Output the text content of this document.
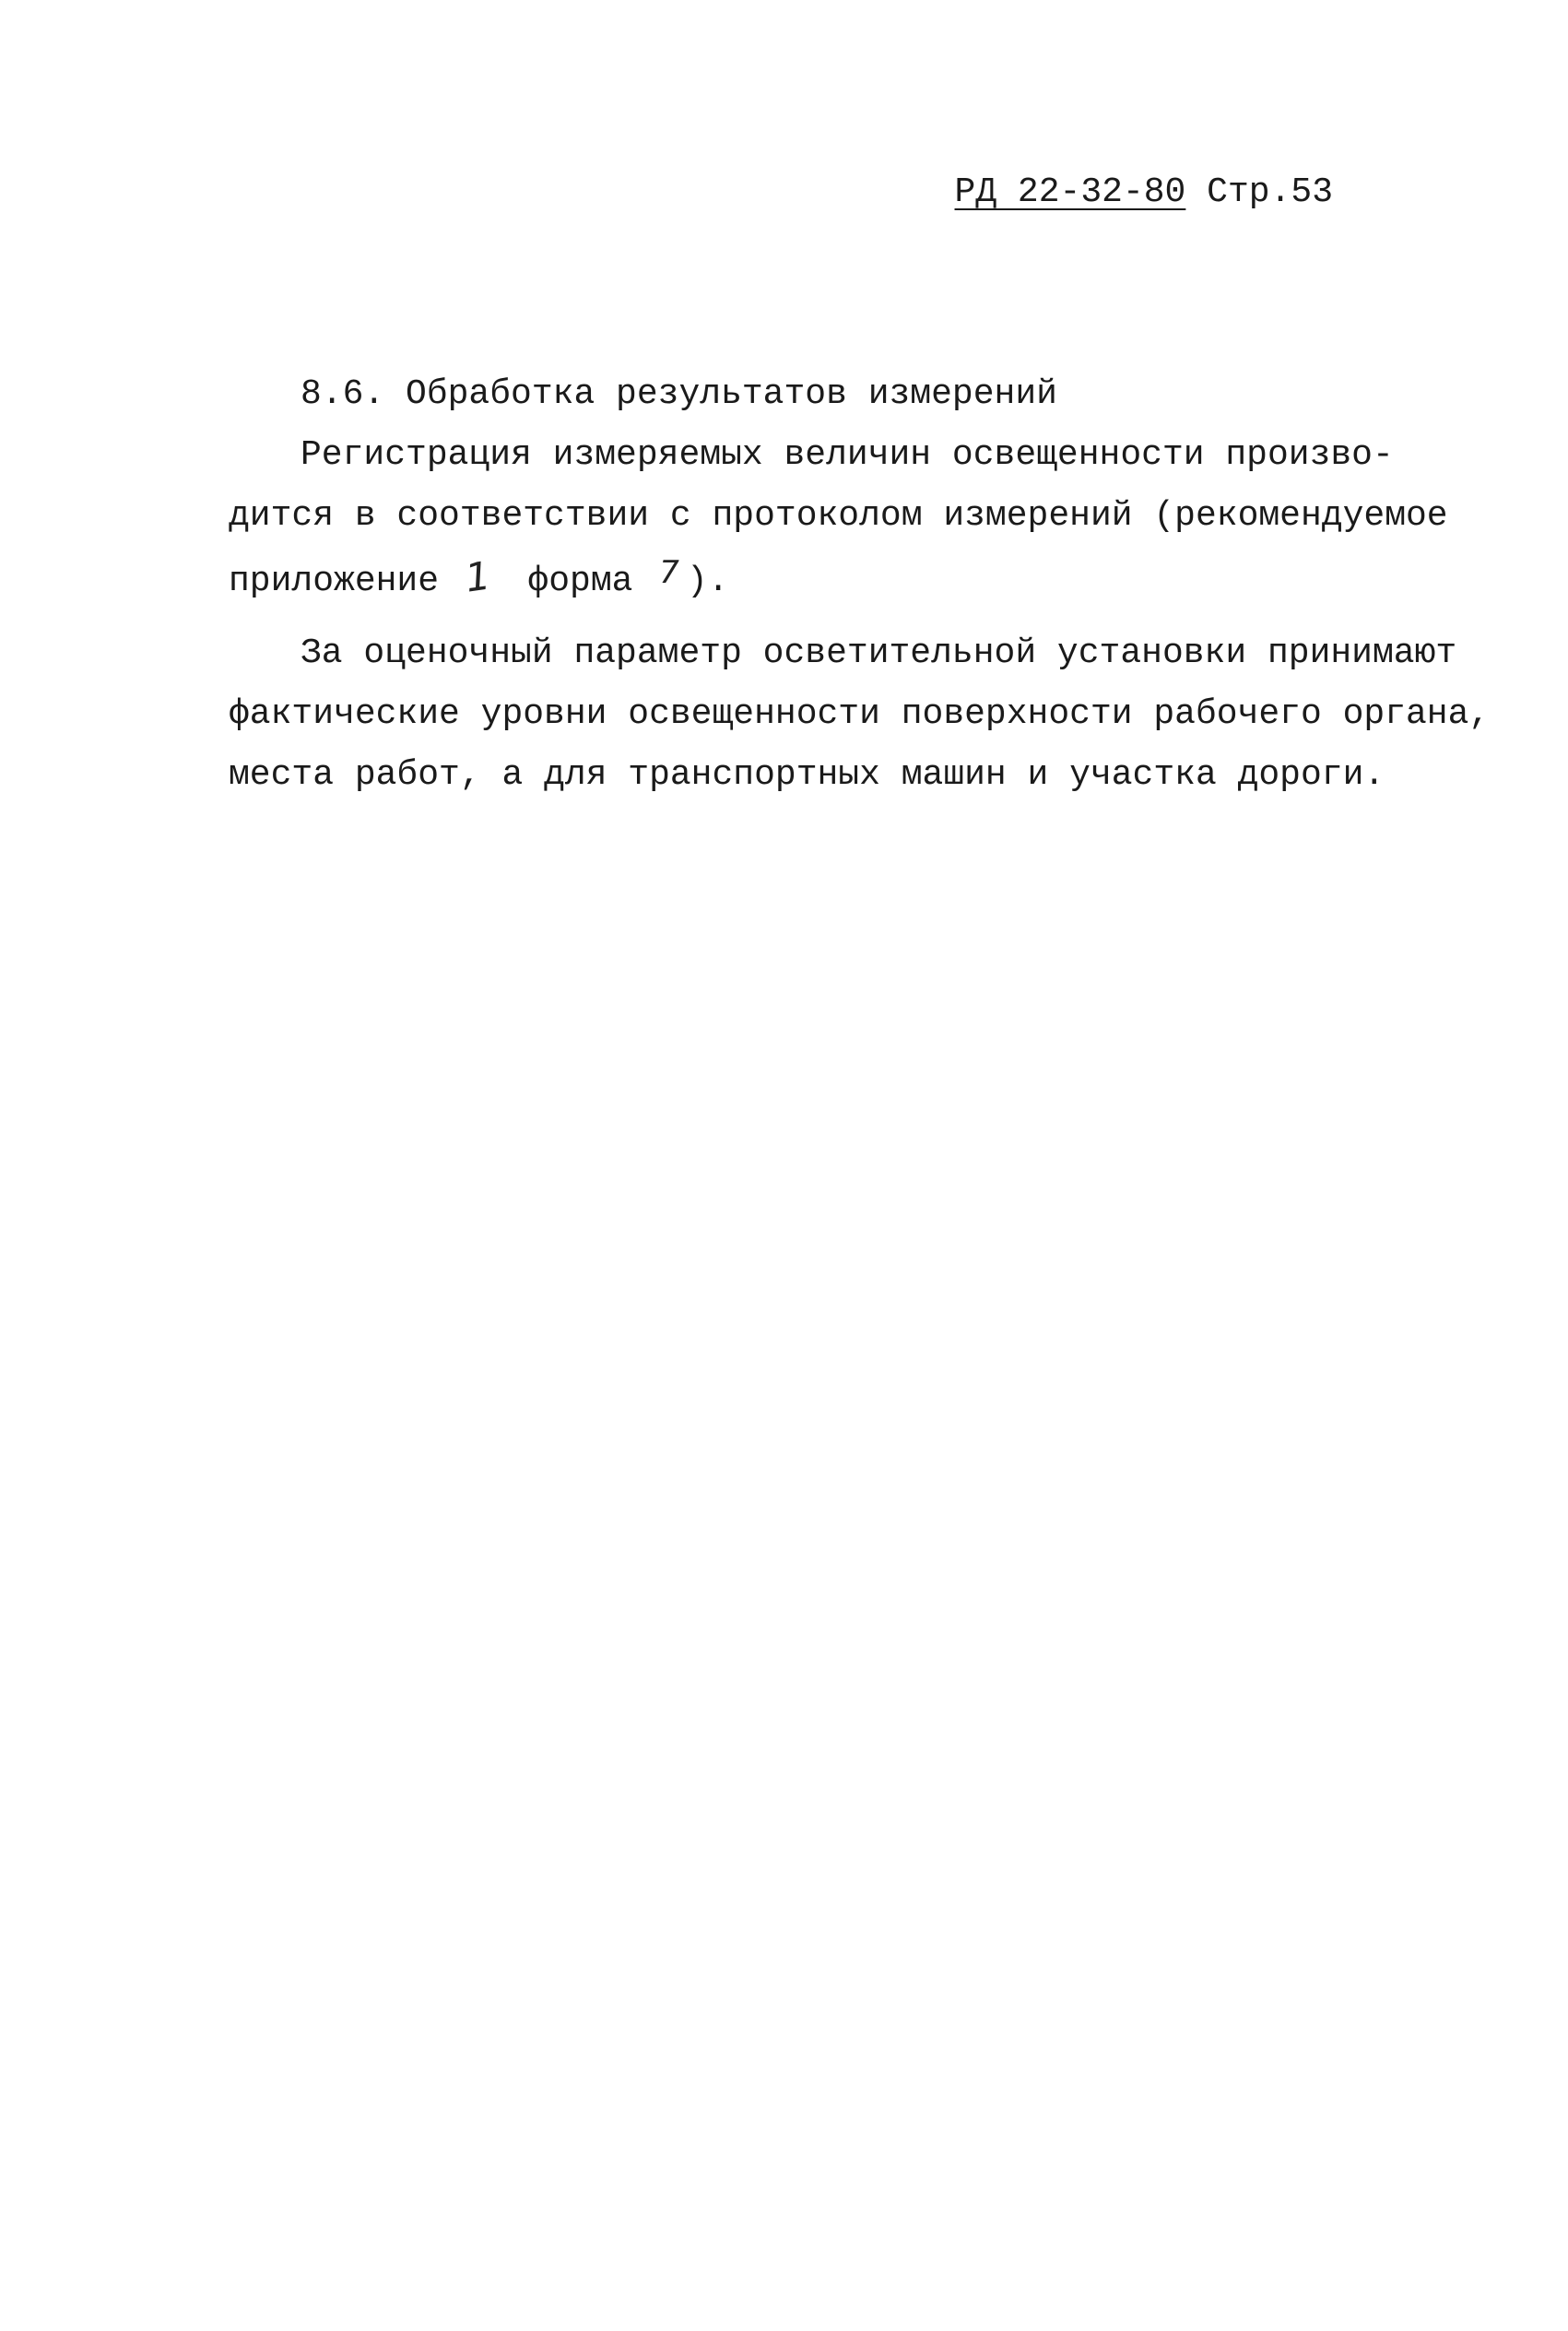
РД 22-32-80 Стр.53
8.6. Обработка результатов измерений
Регистрация измеряемых величин освещенности произво-
дится в соответствии с протоколом измерений (рекомендуемое
приложение 1 форма 7 ).
За оценочный параметр осветительной установки принимают
фактические уровни освещенности поверхности рабочего органа,
места работ, а для транспортных машин и участка дороги.
